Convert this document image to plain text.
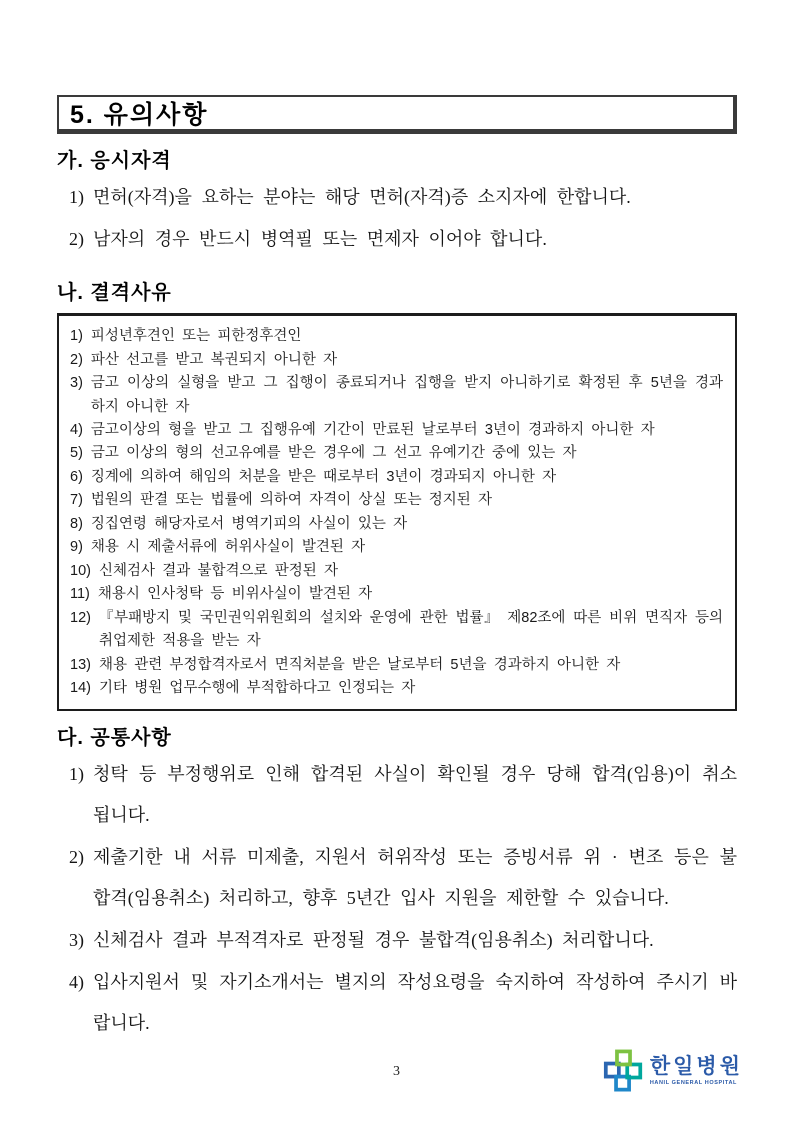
5. 유의사항
가. 응시자격
1) 면허(자격)을 요하는 분야는 해당 면허(자격)증 소지자에 한합니다.
2) 남자의 경우 반드시 병역필 또는 면제자 이어야 합니다.
나. 결격사유
1) 피성년후견인 또는 피한정후견인
2) 파산 선고를 받고 복권되지 아니한 자
3) 금고 이상의 실형을 받고 그 집행이 종료되거나 집행을 받지 아니하기로 확정된 후 5년을 경과하지 아니한 자
4) 금고이상의 형을 받고 그 집행유예 기간이 만료된 날로부터 3년이 경과하지 아니한 자
5) 금고 이상의 형의 선고유예를 받은 경우에 그 선고 유예기간 중에 있는 자
6) 징계에 의하여 해임의 처분을 받은 때로부터 3년이 경과되지 아니한 자
7) 법원의 판결 또는 법률에 의하여 자격이 상실 또는 정지된 자
8) 징집연령 해당자로서 병역기피의 사실이 있는 자
9) 채용 시 제출서류에 허위사실이 발견된 자
10) 신체검사 결과 불합격으로 판정된 자
11) 채용시 인사청탁 등 비위사실이 발견된 자
12) 『부패방지 및 국민권익위원회의 설치와 운영에 관한 법률』 제82조에 따른 비위 면직자 등의 취업제한 적용을 받는 자
13) 채용 관련 부정합격자로서 면직처분을 받은 날로부터 5년을 경과하지 아니한 자
14) 기타 병원 업무수행에 부적합하다고 인정되는 자
다. 공통사항
1) 청탁 등 부정행위로 인해 합격된 사실이 확인될 경우 당해 합격(임용)이 취소됩니다.
2) 제출기한 내 서류 미제출, 지원서 허위작성 또는 증빙서류 위 · 변조 등은 불합격(임용취소) 처리하고, 향후 5년간 입사 지원을 제한할 수 있습니다.
3) 신체검사 결과 부적격자로 판정될 경우 불합격(임용취소) 처리합니다.
4) 입사지원서 및 자기소개서는 별지의 작성요령을 숙지하여 작성하여 주시기 바랍니다.
3	한일병원
HANIL GENERAL HOSPITAL
